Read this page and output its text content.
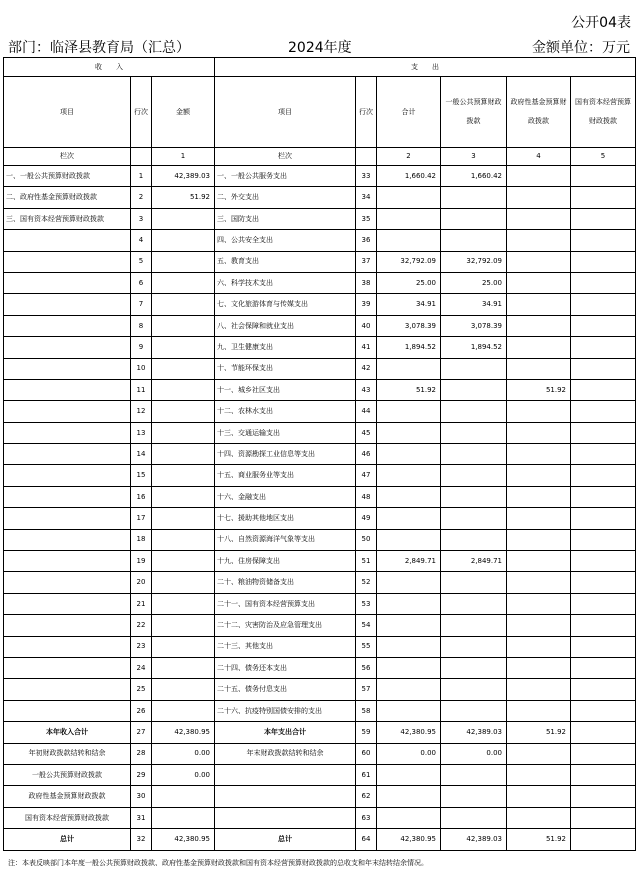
公开04表
部门：临泽县教育局（汇总）	2024年度	金额单位：万元
收　　入			支　　出					
项目	行次	金额	项目	行次	合计	一般公共预算财政拨款	政府性基金预算财政拨款	国有资本经营预算财政拨款
栏次		1	栏次		2	3	4	5
一、一般公共预算财政拨款	1	42,389.03	一、一般公共服务支出	33	1,660.42	1,660.42		
二、政府性基金预算财政拨款	2	51.92	二、外交支出	34				
三、国有资本经营预算财政拨款	3		三、国防支出	35				
	4		四、公共安全支出	36				
	5		五、教育支出	37	32,792.09	32,792.09		
	6		六、科学技术支出	38	25.00	25.00		
	7		七、文化旅游体育与传媒支出	39	34.91	34.91		
	8		八、社会保障和就业支出	40	3,078.39	3,078.39		
	9		九、卫生健康支出	41	1,894.52	1,894.52		
	10		十、节能环保支出	42				
	11		十一、城乡社区支出	43	51.92		51.92	
	12		十二、农林水支出	44				
	13		十三、交通运输支出	45				
	14		十四、资源勘探工业信息等支出	46				
	15		十五、商业服务业等支出	47				
	16		十六、金融支出	48				
	17		十七、援助其他地区支出	49				
	18		十八、自然资源海洋气象等支出	50				
	19		十九、住房保障支出	51	2,849.71	2,849.71		
	20		二十、粮油物资储备支出	52				
	21		二十一、国有资本经营预算支出	53				
	22		二十二、灾害防治及应急管理支出	54				
	23		二十三、其他支出	55				
	24		二十四、债务还本支出	56				
	25		二十五、债务付息支出	57				
	26		二十六、抗疫特别国债安排的支出	58				
本年收入合计	27	42,380.95	本年支出合计	59	42,380.95	42,389.03	51.92	
年初财政拨款结转和结余	28	0.00	年末财政拨款结转和结余	60	0.00	0.00		
一般公共预算财政拨款	29	0.00		61				
政府性基金预算财政拨款	30			62				
国有资本经营预算财政拨款	31			63				
总计	32	42,380.95	总计	64	42,380.95	42,389.03	51.92	
注：本表反映部门本年度一般公共预算财政拨款、政府性基金预算财政拨款和国有资本经营预算财政拨款的总收支和年末结转结余情况。
